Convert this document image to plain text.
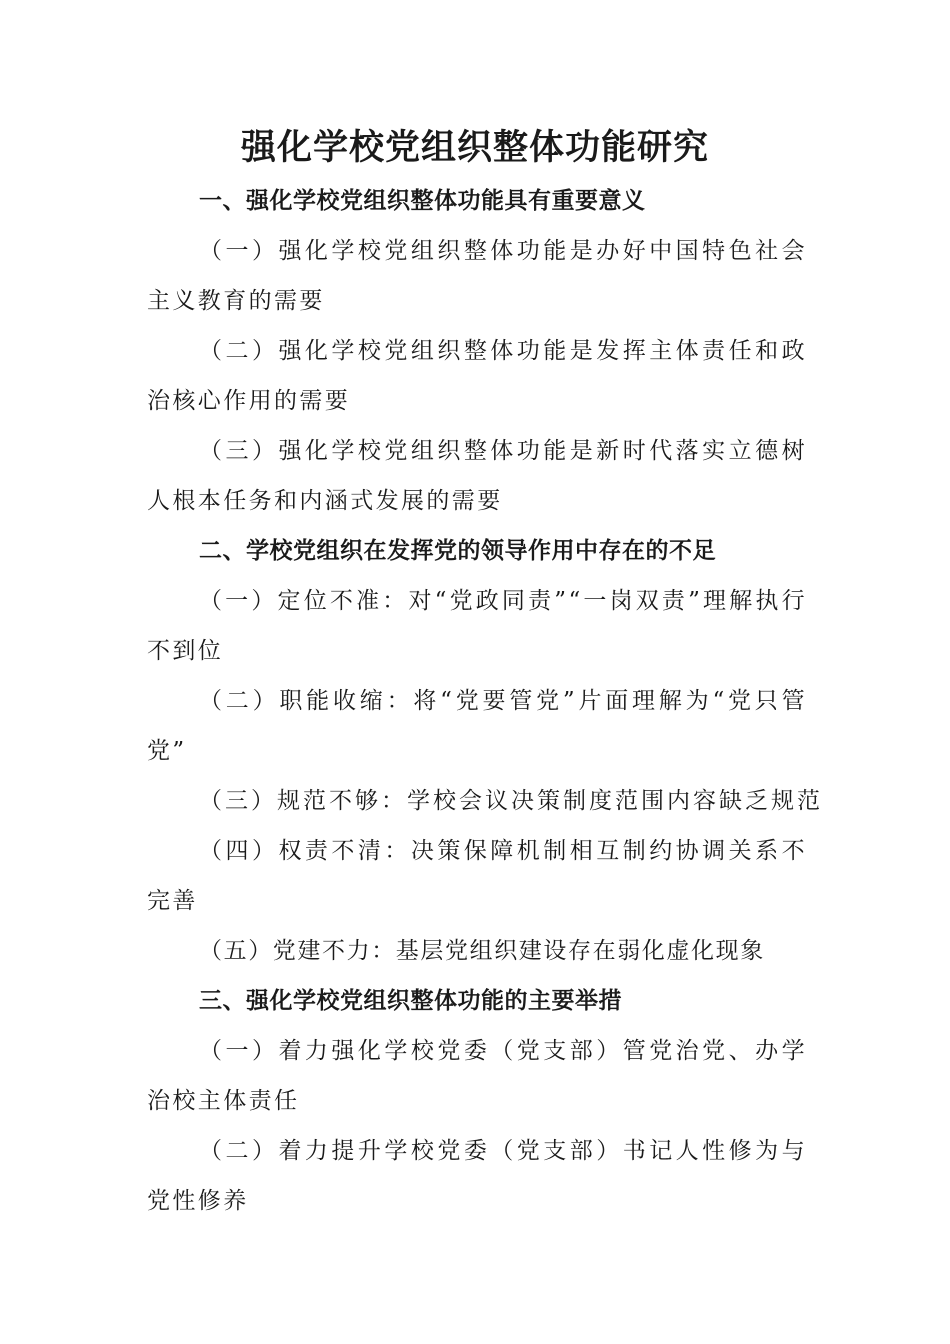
强化学校党组织整体功能研究

一、强化学校党组织整体功能具有重要意义

（一）强化学校党组织整体功能是办好中国特色社会主义教育的需要

（二）强化学校党组织整体功能是发挥主体责任和政治核心作用的需要

（三）强化学校党组织整体功能是新时代落实立德树人根本任务和内涵式发展的需要

二、学校党组织在发挥党的领导作用中存在的不足

（一）定位不准：对“党政同责”“一岗双责”理解执行不到位

（二）职能收缩：将“党要管党”片面理解为“党只管党”

（三）规范不够：学校会议决策制度范围内容缺乏规范

（四）权责不清：决策保障机制相互制约协调关系不完善

（五）党建不力：基层党组织建设存在弱化虚化现象

三、强化学校党组织整体功能的主要举措

（一）着力强化学校党委（党支部）管党治党、办学治校主体责任

（二）着力提升学校党委（党支部）书记人性修为与党性修养
